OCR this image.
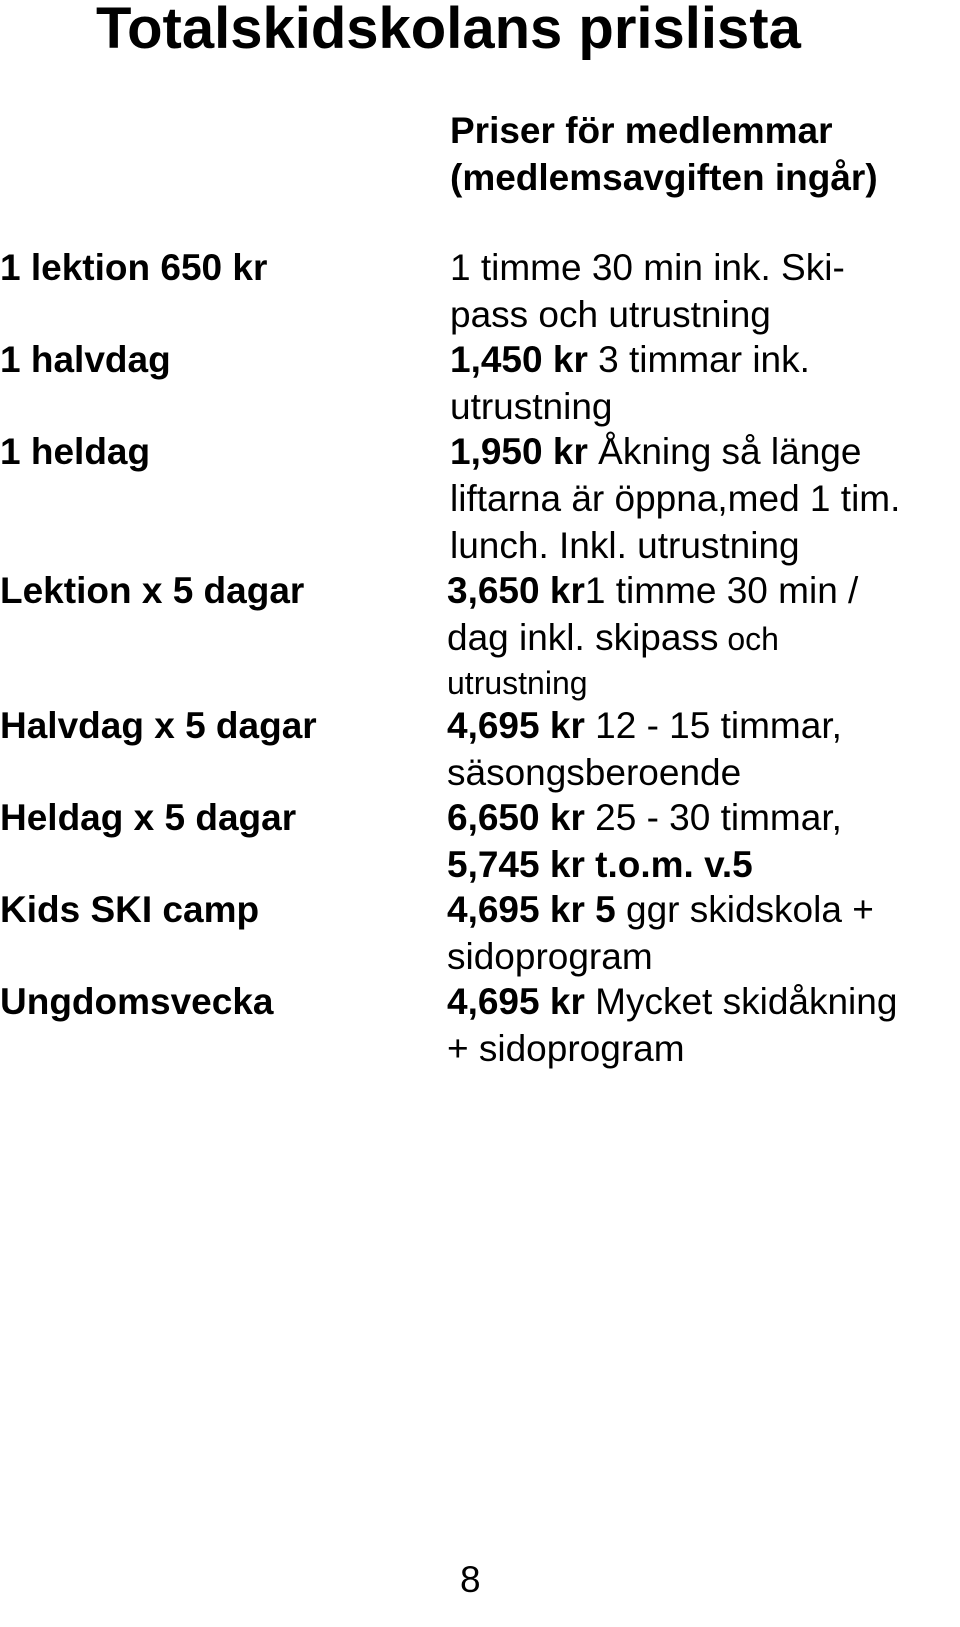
Totalskidskolans prislista
Priser för medlemmar
(medlemsavgiften ingår)
1 lektion 650 kr	1 timme 30 min ink. Ski-
pass och utrustning
1 halvdag	1,450 kr 3 timmar ink.
utrustning
1 heldag	1,950 kr Åkning så länge
liftarna är öppna,med 1 tim.
lunch. Inkl. utrustning
Lektion x 5 dagar	3,650 kr1 timme 30 min /
dag inkl. skipass och
utrustning
Halvdag x 5 dagar	4,695 kr 12 - 15 timmar,
säsongsberoende
Heldag x 5 dagar	6,650 kr 25 - 30 timmar,
5,745 kr t.o.m. v.5
Kids SKI camp	4,695 kr 5 ggr skidskola +
sidoprogram
Ungdomsvecka	4,695 kr Mycket skidåkning
+ sidoprogram
8
